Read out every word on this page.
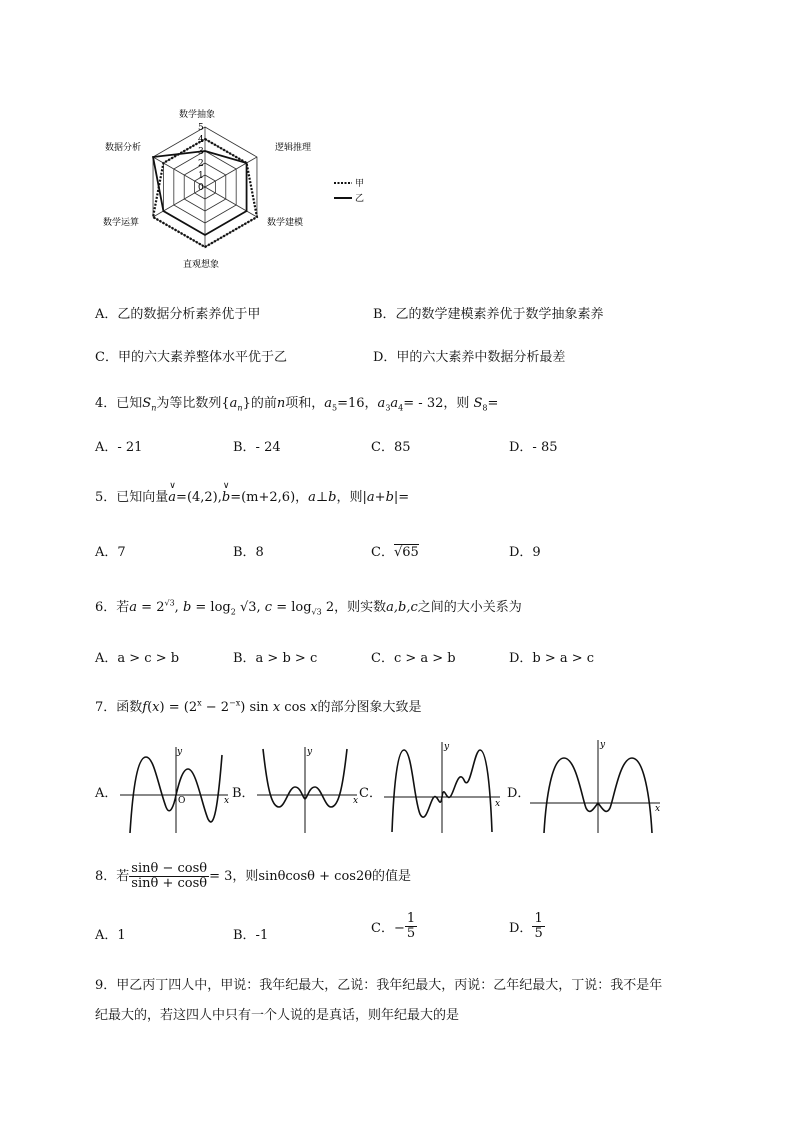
5
4
3
2
1
0
数学抽象
逻辑推理
数学建模
直观想象
数学运算
数据分析
甲
乙
A．乙的数据分析素养优于甲	B．乙的数学建模素养优于数学抽象素养
C．甲的六大素养整体水平优于乙	D．甲的六大素养中数据分析最差
4．已知$S_n$为等比数列$\{a_n\}$的前n项和，$a_5=16$，$a_3a_4= - 32$，则 $S_8=$
A．- 21	B．- 24	C．85	D．- 85
5．已知向量
∨
a=(4,2),
∨
b=(m+2,6)，a⊥b，则|a+b|=
A．7	B．8	C．√65	D．9
6．若$a = 2^{√3}$, $b = \log_2 √3$, $c = \log_{√3} 2$，则实数a,b,c之间的大小关系为
A．a > c > b	B．a > b > c	C．c > a > b	D．b > a > c
7．函数$f(x) = (2^x - 2^{-x})$ sin x cos x的部分图象大致是
A．	B．	C．	D．
y
x
O
y
x
y
x
y
x
8．若 $\frac{\sin\theta - \cos\theta}{\sin\theta + \cos\theta} = 3$，则sinθcosθ + cos2θ的值是
A．1	B．-1	C．− $\frac{1}{5}$	D． $\frac{1}{5}$
9．甲乙丙丁四人中，甲说：我年纪最大，乙说：我年纪最大，丙说：乙年纪最大，丁说：我不是年
纪最大的，若这四人中只有一个人说的是真话，则年纪最大的是
